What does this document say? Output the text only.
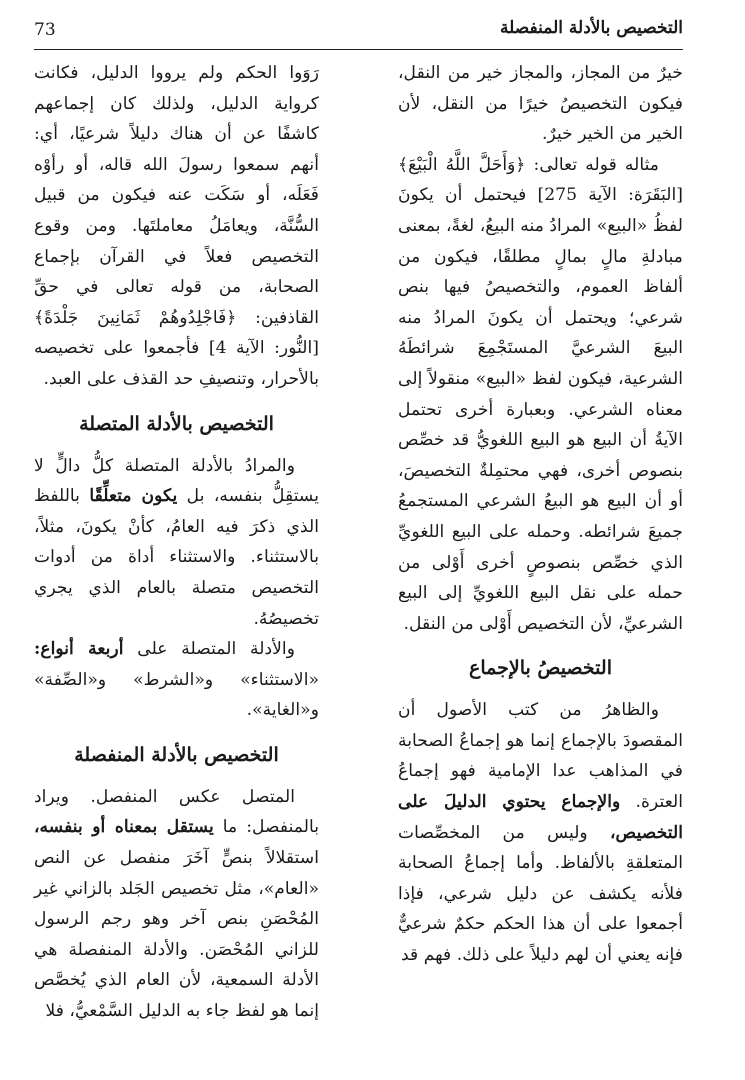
73	التخصيص بالأدلة المنفصلة

خيرٌ من المجاز، والمجاز خير من النقل، فيكون التخصيصُ خيرًا من النقل، لأن الخير من الخير خيرٌ.

مثاله قوله تعالى: ﴿وَأَحَلَّ اللَّهُ الْبَيْعَ﴾ [البَقَرَة: الآية 275] فيحتمل أن يكونَ لفظُ «البيع» المرادُ منه البيعُ، لغةً، بمعنى مبادلةِ مالٍ بمالٍ مطلقًا، فيكون من ألفاظ العموم، والتخصيصُ فيها بنص شرعي؛ ويحتمل أن يكونَ المرادُ منه البيعَ الشرعيَّ المستَجْمِعَ شرائطَهُ الشرعية، فيكون لفظ «البيع» منقولاً إلى معناه الشرعي. وبعبارة أخرى تحتمل الآيةُ أن البيع هو البيع اللغويُّ قد خصِّص بنصوص أخرى، فهي محتمِلةٌ التخصيصَ، أو أن البيع هو البيعُ الشرعي المستجمعُ جميعَ شرائطه. وحمله على البيع اللغويِّ الذي خصِّص بنصوصٍ أخرى أَوْلى من حمله على نقل البيع اللغويِّ إلى البيع الشرعيِّ، لأن التخصيص أَوْلى من النقل.

التخصيصُ بالإجماع

والظاهرُ من كتب الأصول أن المقصودَ بالإجماع إنما هو إجماعُ الصحابة في المذاهب عدا الإمامية فهو إجماعُ العترة. والإجماع يحتوي الدليلَ على التخصيص، وليس من المخصِّصات المتعلقةِ بالألفاظ. وأما إجماعُ الصحابة فلأنه يكشف عن دليل شرعي، فإذا أجمعوا على أن هذا الحكم حكمٌ شرعيٌّ فإنه يعني أن لهم دليلاً على ذلك. فهم قد

رَوَوا الحكم ولم يرووا الدليل، فكانت كرواية الدليل، ولذلك كان إجماعهم كاشفًا عن أن هناك دليلاً شرعيًا، أي: أنهم سمعوا رسولَ الله قاله، أو رأوْه فَعَلَه، أو سَكَت عنه فيكون من قبيل السُّنَّة، ويعامَلُ معاملتَها. ومن وقوع التخصيص فعلاً في القرآن بإجماع الصحابة، من قوله تعالى في حقِّ القاذفين: ﴿فَاجْلِدُوهُمْ ثَمَانِينَ جَلْدَةً﴾ [النُّور: الآية 4] فأجمعوا على تخصيصه بالأحرار، وتنصيفِ حد القذف على العبد.

التخصيص بالأدلة المتصلة

والمرادُ بالأدلة المتصلة كلُّ دالٍّ لا يستقِلُّ بنفسه، بل يكون متعلِّقًا باللفظ الذي ذكرَ فيه العامُ، كأنْ يكونَ، مثلاً، بالاستثناء. والاستثناء أداة من أدوات التخصيص متصلة بالعام الذي يجري تخصيصُهُ.

والأدلة المتصلة على أربعة أنواع: «الاستثناء» و«الشرط» و«الصِّفة» و«الغاية».

التخصيص بالأدلة المنفصلة

المتصل عكس المنفصل. ويراد بالمنفصل: ما يستقل بمعناه أو بنفسه، استقلالاً بنصٍّ آخَرَ منفصل عن النص «العام»، مثل تخصيص الجَلد بالزاني غير المُحْصَنِ بنص آخر وهو رجم الرسول للزاني المُحْصَن. والأدلة المنفصلة هي الأدلة السمعية، لأن العام الذي يُخصَّص إنما هو لفظ جاء به الدليل السَّمْعيُّ، فلا
